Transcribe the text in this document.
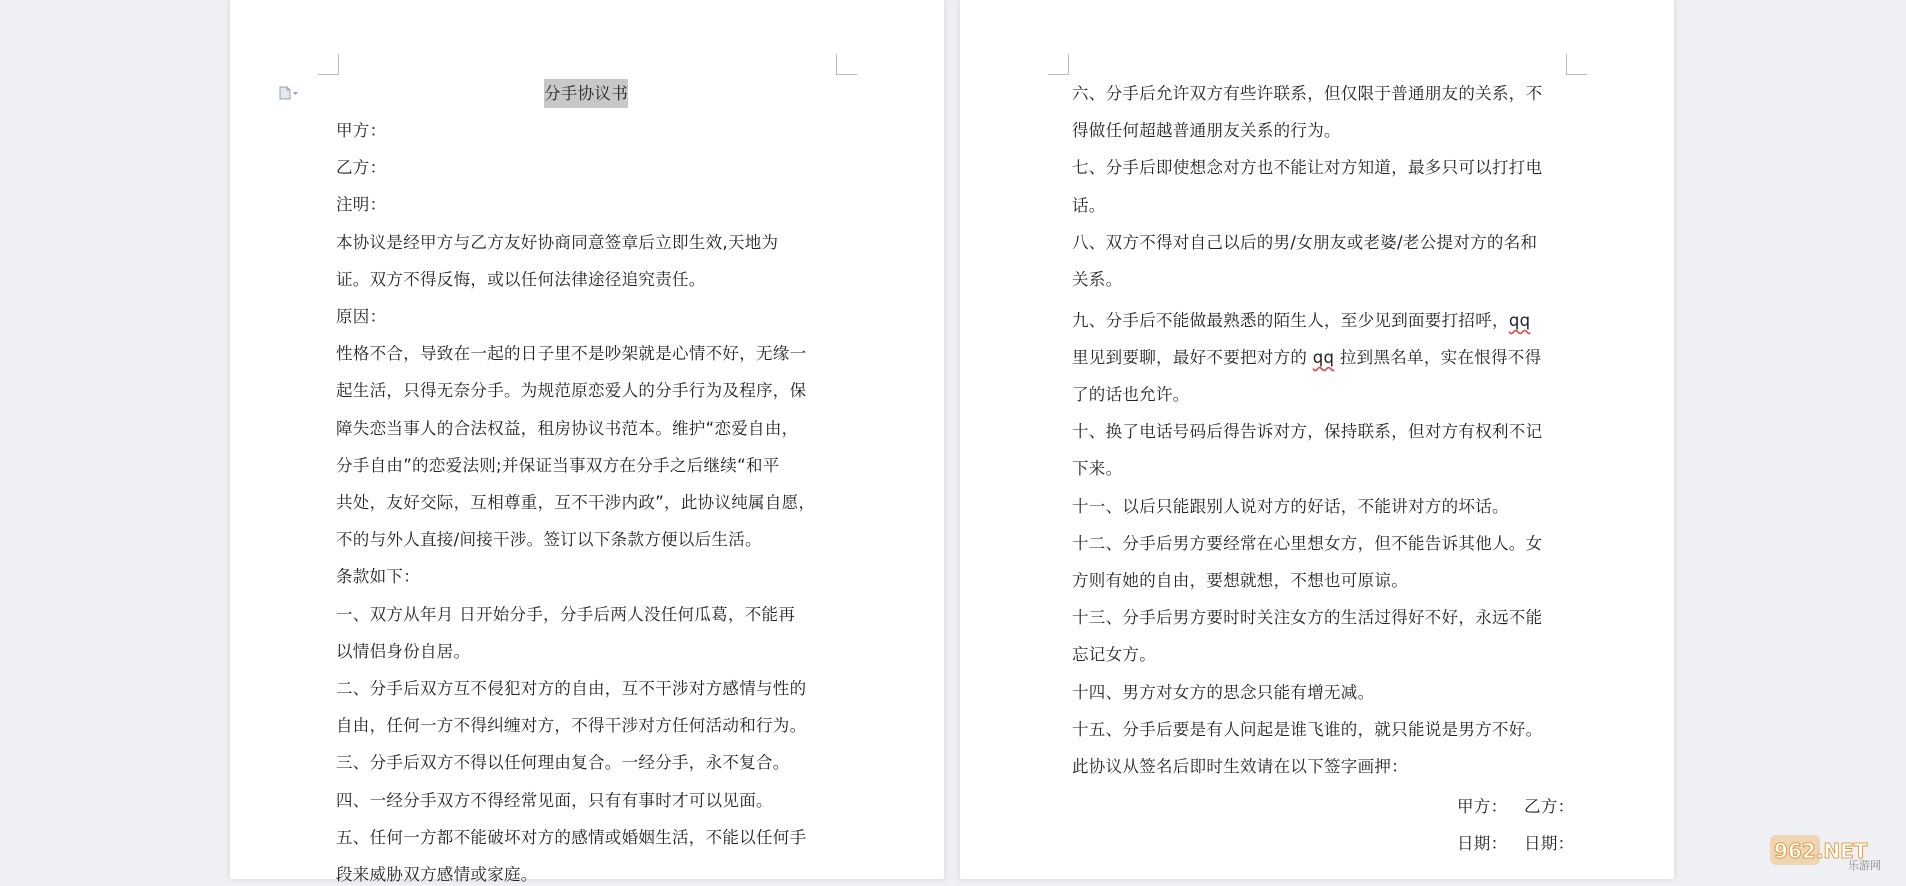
分手协议书
甲方：
乙方：
注明：
本协议是经甲方与乙方友好协商同意签章后立即生效,天地为
证。双方不得反悔，或以任何法律途径追究责任。
原因：
性格不合，导致在一起的日子里不是吵架就是心情不好，无缘一
起生活，只得无奈分手。为规范原恋爱人的分手行为及程序，保
障失恋当事人的合法权益，租房协议书范本。维护“恋爱自由，
分手自由”的恋爱法则;并保证当事双方在分手之后继续“和平
共处，友好交际，互相尊重，互不干涉内政”，此协议纯属自愿，
不的与外人直接/间接干涉。签订以下条款方便以后生活。
条款如下：
一、双方从年月 日开始分手，分手后两人没任何瓜葛，不能再
以情侣身份自居。
二、分手后双方互不侵犯对方的自由，互不干涉对方感情与性的
自由，任何一方不得纠缠对方，不得干涉对方任何活动和行为。
三、分手后双方不得以任何理由复合。一经分手，永不复合。
四、一经分手双方不得经常见面，只有有事时才可以见面。
五、任何一方都不能破坏对方的感情或婚姻生活，不能以任何手
段来威胁双方感情或家庭。
六、分手后允许双方有些许联系，但仅限于普通朋友的关系，不
得做任何超越普通朋友关系的行为。
七、分手后即使想念对方也不能让对方知道，最多只可以打打电
话。
八、双方不得对自己以后的男/女朋友或老婆/老公提对方的名和
关系。
九、分手后不能做最熟悉的陌生人，至少见到面要打招呼，qq
里见到要聊，最好不要把对方的 qq 拉到黑名单，实在恨得不得
了的话也允许。
十、换了电话号码后得告诉对方，保持联系，但对方有权利不记
下来。
十一、以后只能跟别人说对方的好话，不能讲对方的坏话。
十二、分手后男方要经常在心里想女方，但不能告诉其他人。女
方则有她的自由，要想就想，不想也可原谅。
十三、分手后男方要时时关注女方的生活过得好不好，永远不能
忘记女方。
十四、男方对女方的思念只能有增无减。
十五、分手后要是有人问起是谁飞谁的，就只能说是男方不好。
此协议从签名后即时生效请在以下签字画押：
甲方：   乙方：
日期：   日期：	962.NET
乐游网
